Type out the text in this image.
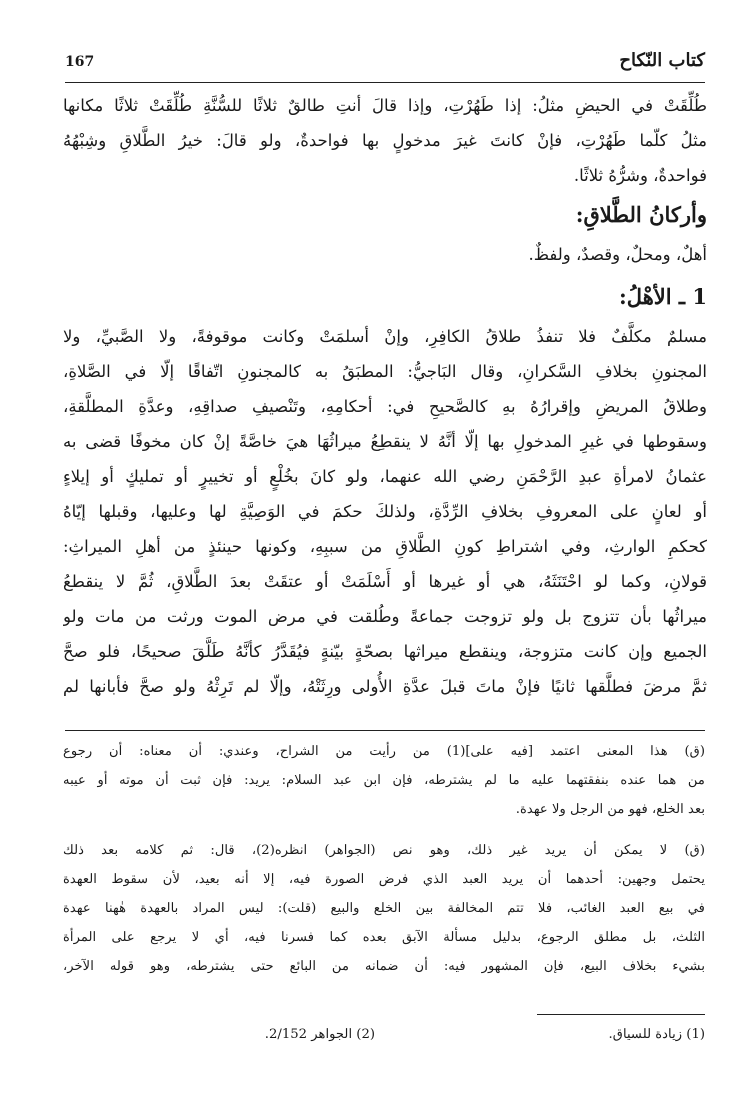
167	كتاب النّكاح
طُلِّقَتْ في الحيضِ مثلُ: إذا طَهُرْتِ، وإذا قالَ أنتِ طالقٌ ثلاثًا للسُّنَّةِ طُلِّقَتْ ثلاثًا مكانها
مثلُ كلّما طَهُرْتِ، فإنْ كانتَ غيرَ مدخولٍ بها فواحدةٌ، ولو قالَ: خيرُ الطَّلاقِ وشِبْهُهُ
فواحدةٌ، وشرُّهُ ثلاثًا.
وأركانُ الطَّلاقِ:
أهلٌ، ومحلٌ، وقصدٌ، ولفظٌ.
1 ـ الأهْلُ:
مسلمٌ مكلَّفٌ فلا تنفذُ طلاقُ الكافِرِ، وإنْ أسلمَتْ وكانت موقوفةً، ولا الصَّبيِّ، ولا
المجنونِ بخلافِ السَّكرانِ، وقال البَاجيُّ: المطبَقُ به كالمجنونِ اتّفاقًا إلّا في الصَّلاةِ،
وطلاقُ المريضِ وإقرارُهُ بهِ كالصَّحيحِ في: أحكامِهِ، وتَنْصيفِ صداقِهِ، وعدَّةِ المطلَّقةِ،
وسقوطها في غيرِ المدخولِ بها إلّا أنَّهُ لا ينقطِعُ ميراثُهَا هيَ خاصَّةً إنْ كان مخوفًا قضى به
عثمانُ لامرأةِ عبدِ الرَّحْمَنِ رضي الله عنهما، ولو كانَ بخُلْعٍ أو تخييرٍ أو تمليكٍ أو إيلاءٍ
أو لعانٍ على المعروفِ بخلافِ الرِّدَّةِ، ولذلكَ حكمَ في الوَصِيَّةِ لها وعليها، وقبلها إيّاهُ
كحكمِ الوارثِ، وفي اشتراطِ كونِ الطَّلاقِ من سببِهِ، وكونها حينئذٍ من أهلِ الميراثِ:
قولانِ، وكما لو احْتَنَثَهُ، هي أو غيرها أو أَسْلَمَتْ أو عتقَتْ بعدَ الطَّلاقِ، ثُمَّ لا ينقطعُ
ميراثُها بأن تتزوج بل ولو تزوجت جماعةً وطُلقت في مرض الموت ورثت من مات ولو
الجميع وإن كانت متزوجة، وينقطع ميراثها بصحّةٍ بيّنةٍ فيُقَدَّرُ كأنَّهُ طَلَّقَ صحيحًا، فلو صحَّ
ثمَّ مرضَ فطلَّقها ثانيًا فإنْ ماتَ قبلَ عدَّةِ الأُولى ورِثَتْهُ، وإلّا لم تَرِثْهُ ولو صحَّ فأبانها لم
(ق) هذا المعنى اعتمد [فيه على](1) من رأيت من الشراح، وعندي: أن معناه: أن رجوع
من هما عنده بنفقتهما عليه ما لم يشترطه، فإن ابن عبد السلام: يريد: فإن ثبت أن موته أو عيبه
بعد الخلع، فهو من الرجل ولا عهدة.
(ق) لا يمكن أن يريد غير ذلك، وهو نص (الجواهر) انظره(2)، قال: ثم كلامه بعد ذلك
يحتمل وجهين: أحدهما أن يريد العبد الذي فرض الصورة فيه، إلا أنه بعيد، لأن سقوط العهدة
في بيع العبد الغائب، فلا تتم المخالفة بين الخلع والبيع (قلت): ليس المراد بالعهدة هٰهنا عهدة
الثلث، بل مطلق الرجوع، بدليل مسألة الآبق بعده كما فسرنا فيه، أي لا يرجع على المرأة
بشيء بخلاف البيع، فإن المشهور فيه: أن ضمانه من البائع حتى يشترطه، وهو قوله الآخر،
(1) زيادة للسياق.
(2) الجواهر 2/152.
